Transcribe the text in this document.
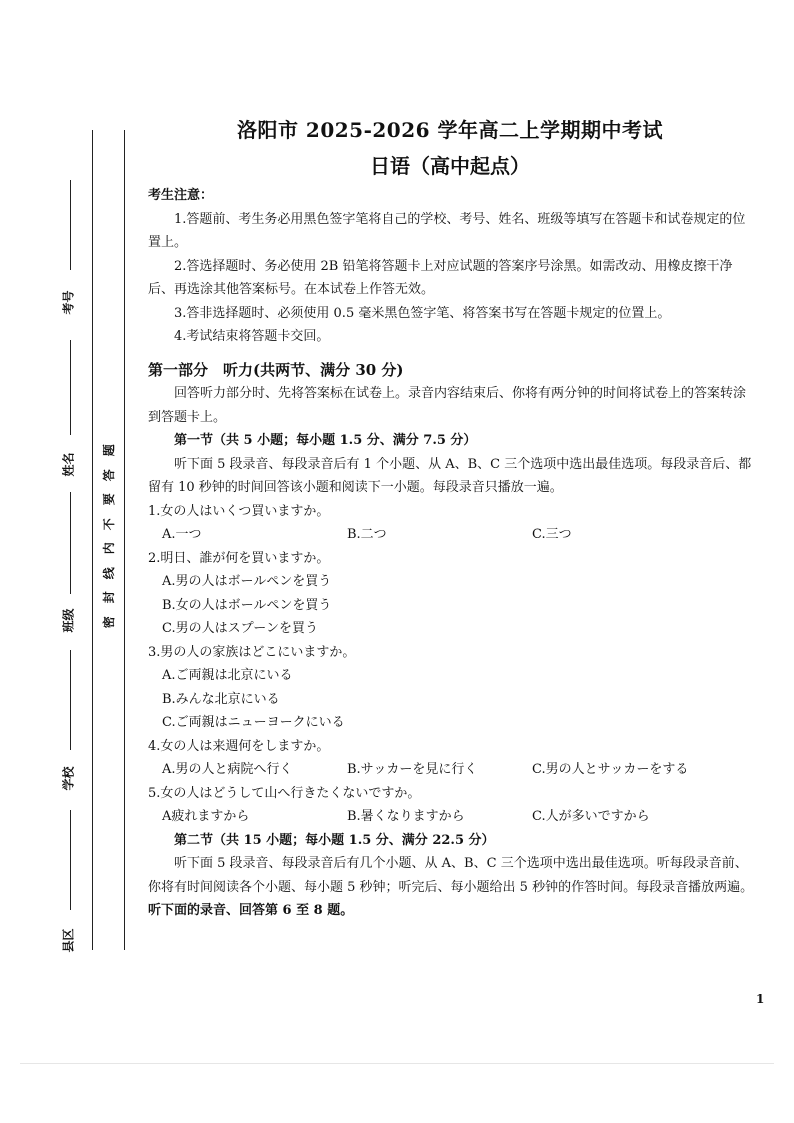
考号
姓名
班级
学校
县区
题
答
要
不
内
线
封
密
洛阳市 2025-2026 学年高二上学期期中考试
日语（高中起点）

考生注意：

1.答题前、考生务必用黑色签字笔将自己的学校、考号、姓名、班级等填写在答题卡和试卷规定的位置上。

2.答选择题时、务必使用 2B 铅笔将答题卡上对应试题的答案序号涂黑。如需改动、用橡皮擦干净后、再选涂其他答案标号。在本试卷上作答无效。

3.答非选择题时、必须使用 0.5 毫米黑色签字笔、将答案书写在答题卡规定的位置上。

4.考试结束将答题卡交回。

第一部分　听力(共两节、满分 30 分)

回答听力部分时、先将答案标在试卷上。录音内容结束后、你将有两分钟的时间将试卷上的答案转涂到答题卡上。

第一节（共 5 小题；每小题 1.5 分、满分 7.5 分）

听下面 5 段录音、每段录音后有 1 个小题、从 A、B、C 三个选项中选出最佳选项。每段录音后、都留有 10 秒钟的时间回答该小题和阅读下一小题。每段录音只播放一遍。

1.女の人はいくつ買いますか。

A.一つ	B.二つ	C.三つ

2.明日、誰が何を買いますか。

A.男の人はボールペンを買う

B.女の人はボールペンを買う

C.男の人はスプーンを買う

3.男の人の家族はどこにいますか。

A.ご両親は北京にいる

B.みんな北京にいる

C.ご両親はニューヨークにいる

4.女の人は来週何をしますか。

A.男の人と病院へ行く	B.サッカーを見に行く	C.男の人とサッカーをする

5.女の人はどうして山へ行きたくないですか。

A疲れますから	B.暑くなりますから	C.人が多いですから

第二节（共 15 小题；每小题 1.5 分、满分 22.5 分）

听下面 5 段录音、每段录音后有几个小题、从 A、B、C 三个选项中选出最佳选项。听每段录音前、你将有时间阅读各个小题、每小题 5 秒钟；听完后、每小题给出 5 秒钟的作答时间。每段录音播放两遍。

听下面的录音、回答第 6 至 8 题。

1
